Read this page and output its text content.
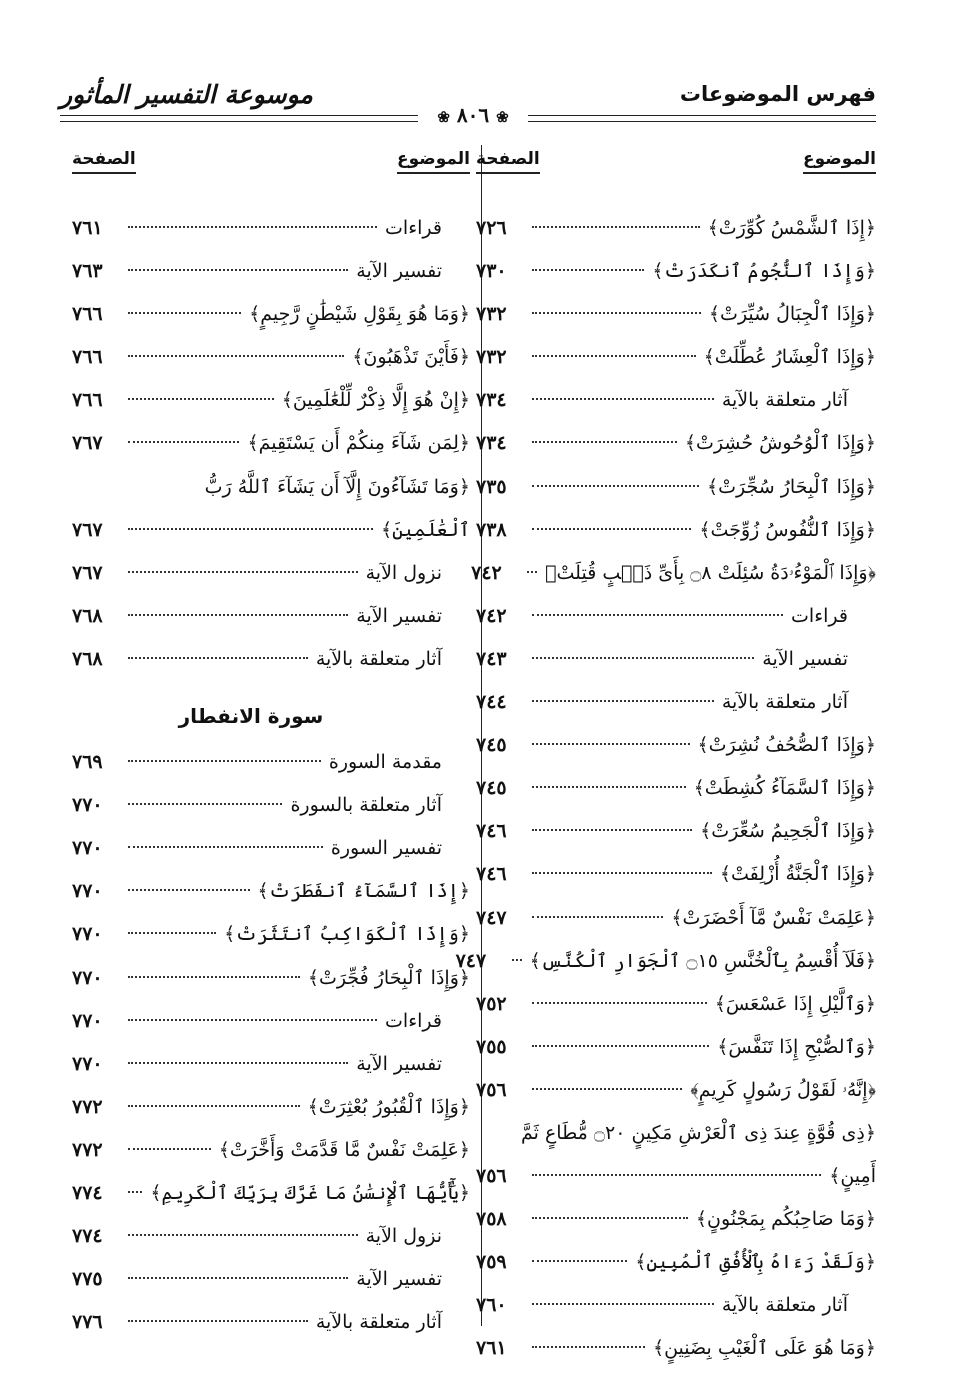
فهرس الموضوعات
موسوعة التفسير المأثور
❀ ٨٠٦ ❀
الموضوع
الصفحة
﴿إِذَا ٱلشَّمْسُ كُوِّرَتْ﴾
٧٢٦
﴿وَإِذَا ٱلنُّجُومُ ٱنكَدَرَتْ﴾
٧٣٠
﴿وَإِذَا ٱلْجِبَالُ سُيِّرَتْ﴾
٧٣٢
﴿وَإِذَا ٱلْعِشَارُ عُطِّلَتْ﴾
٧٣٢
آثار متعلقة بالآية
٧٣٤
﴿وَإِذَا ٱلْوُحُوشُ حُشِرَتْ﴾
٧٣٤
﴿وَإِذَا ٱلْبِحَارُ سُجِّرَتْ﴾
٧٣٥
﴿وَإِذَا ٱلنُّفُوسُ زُوِّجَتْ﴾
٧٣٨
﴿وَإِذَا ٱلْمَوْءُۥدَةُ سُئِلَتْ ۝٨ بِأَىِّ ذَنۢبٍ قُتِلَتْ﴾
٧٤٢
قراءات
٧٤٢
تفسير الآية
٧٤٣
آثار متعلقة بالآية
٧٤٤
﴿وَإِذَا ٱلصُّحُفُ نُشِرَتْ﴾
٧٤٥
﴿وَإِذَا ٱلسَّمَآءُ كُشِطَتْ﴾
٧٤٥
﴿وَإِذَا ٱلْجَحِيمُ سُعِّرَتْ﴾
٧٤٦
﴿وَإِذَا ٱلْجَنَّةُ أُزْلِفَتْ﴾
٧٤٦
﴿عَلِمَتْ نَفْسٌ مَّآ أَحْضَرَتْ﴾
٧٤٧
﴿فَلَآ أُقْسِمُ بِٱلْخُنَّسِ ۝١٥ ٱلْجَوَارِ ٱلْكُنَّسِ﴾
٧٤٧
﴿وَٱلَّيْلِ إِذَا عَسْعَسَ﴾
٧٥٢
﴿وَٱلصُّبْحِ إِذَا تَنَفَّسَ﴾
٧٥٥
﴿إِنَّهُۥ لَقَوْلُ رَسُولٍ كَرِيمٍ﴾
٧٥٦
﴿ذِى قُوَّةٍ عِندَ ذِى ٱلْعَرْشِ مَكِينٍ ۝٢٠ مُّطَاعٍ ثَمَّ
أَمِينٍ﴾
٧٥٦
﴿وَمَا صَاحِبُكُم بِمَجْنُونٍ﴾
٧٥٨
﴿وَلَقَدْ رَءَاهُ بِٱلْأُفُقِ ٱلْمُبِينِ﴾
٧٥٩
آثار متعلقة بالآية
٧٦٠
﴿وَمَا هُوَ عَلَى ٱلْغَيْبِ بِضَنِينٍ﴾
٧٦١
الموضوع
الصفحة
قراءات
٧٦١
تفسير الآية
٧٦٣
﴿وَمَا هُوَ بِقَوْلِ شَيْطَٰنٍ رَّجِيمٍ﴾
٧٦٦
﴿فَأَيْنَ تَذْهَبُونَ﴾
٧٦٦
﴿إِنْ هُوَ إِلَّا ذِكْرٌ لِّلْعَٰلَمِينَ﴾
٧٦٦
﴿لِمَن شَآءَ مِنكُمْ أَن يَسْتَقِيمَ﴾
٧٦٧
﴿وَمَا تَشَآءُونَ إِلَّآ أَن يَشَآءَ ٱللَّهُ رَبُّ
ٱلْعَٰلَمِينَ﴾
٧٦٧
نزول الآية
٧٦٧
تفسير الآية
٧٦٨
آثار متعلقة بالآية
٧٦٨
سورة الانفطار
مقدمة السورة
٧٦٩
آثار متعلقة بالسورة
٧٧٠
تفسير السورة
٧٧٠
﴿إِذَا ٱلسَّمَآءُ ٱنفَطَرَتْ﴾
٧٧٠
﴿وَإِذَا ٱلْكَوَاكِبُ ٱنتَثَرَتْ﴾
٧٧٠
﴿وَإِذَا ٱلْبِحَارُ فُجِّرَتْ﴾
٧٧٠
قراءات
٧٧٠
تفسير الآية
٧٧٠
﴿وَإِذَا ٱلْقُبُورُ بُعْثِرَتْ﴾
٧٧٢
﴿عَلِمَتْ نَفْسٌ مَّا قَدَّمَتْ وَأَخَّرَتْ﴾
٧٧٢
﴿يَٰٓأَيُّهَا ٱلْإِنسَٰنُ مَا غَرَّكَ بِرَبِّكَ ٱلْكَرِيمِ﴾
٧٧٤
نزول الآية
٧٧٤
تفسير الآية
٧٧٥
آثار متعلقة بالآية
٧٧٦
